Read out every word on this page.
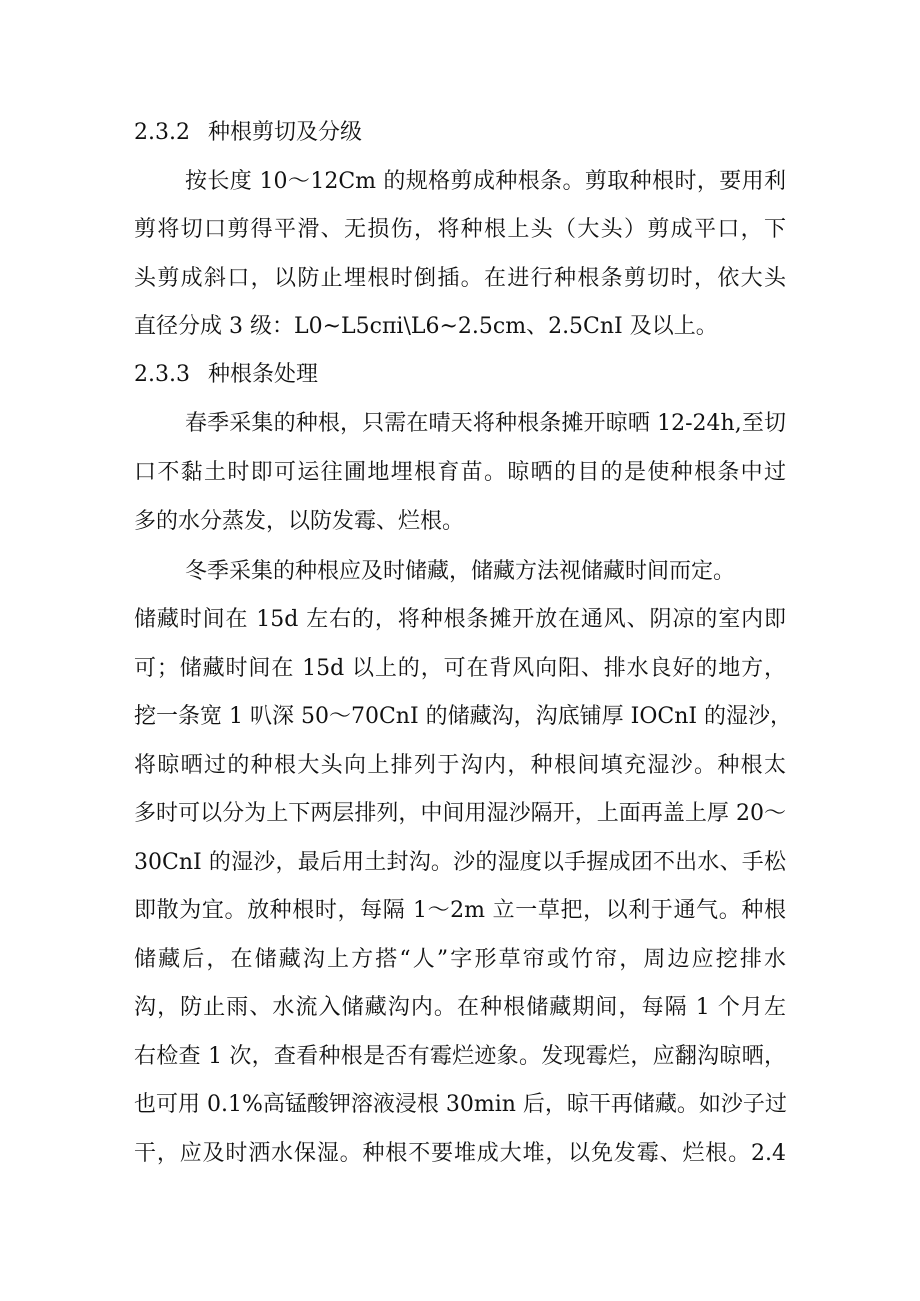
2.3.2 种根剪切及分级
按长度 10～12Cm 的规格剪成种根条。剪取种根时，要用利
剪将切口剪得平滑、无损伤，将种根上头（大头）剪成平口，下
头剪成斜口，以防止埋根时倒插。在进行种根条剪切时，依大头
直径分成 3 级：L0~L5cπi\L6~2.5cm、2.5CnI 及以上。
2.3.3 种根条处理
春季采集的种根，只需在晴天将种根条摊开晾晒 12-24h,至切
口不黏土时即可运往圃地埋根育苗。晾晒的目的是使种根条中过
多的水分蒸发，以防发霉、烂根。
冬季采集的种根应及时储藏，储藏方法视储藏时间而定。
储藏时间在 15d 左右的，将种根条摊开放在通风、阴凉的室内即
可；储藏时间在 15d 以上的，可在背风向阳、排水良好的地方，
挖一条宽 1 叭深 50～70CnI 的储藏沟，沟底铺厚 IOCnI 的湿沙，
将晾晒过的种根大头向上排列于沟内，种根间填充湿沙。种根太
多时可以分为上下两层排列，中间用湿沙隔开，上面再盖上厚 20～
30CnI 的湿沙，最后用土封沟。沙的湿度以手握成团不出水、手松
即散为宜。放种根时，每隔 1～2m 立一草把，以利于通气。种根
储藏后，在储藏沟上方搭“人”字形草帘或竹帘，周边应挖排水
沟，防止雨、水流入储藏沟内。在种根储藏期间，每隔 1 个月左
右检查 1 次，查看种根是否有霉烂迹象。发现霉烂，应翻沟晾晒，
也可用 0.1%高锰酸钾溶液浸根 30min 后，晾干再储藏。如沙子过
干，应及时洒水保湿。种根不要堆成大堆，以免发霉、烂根。2.4
